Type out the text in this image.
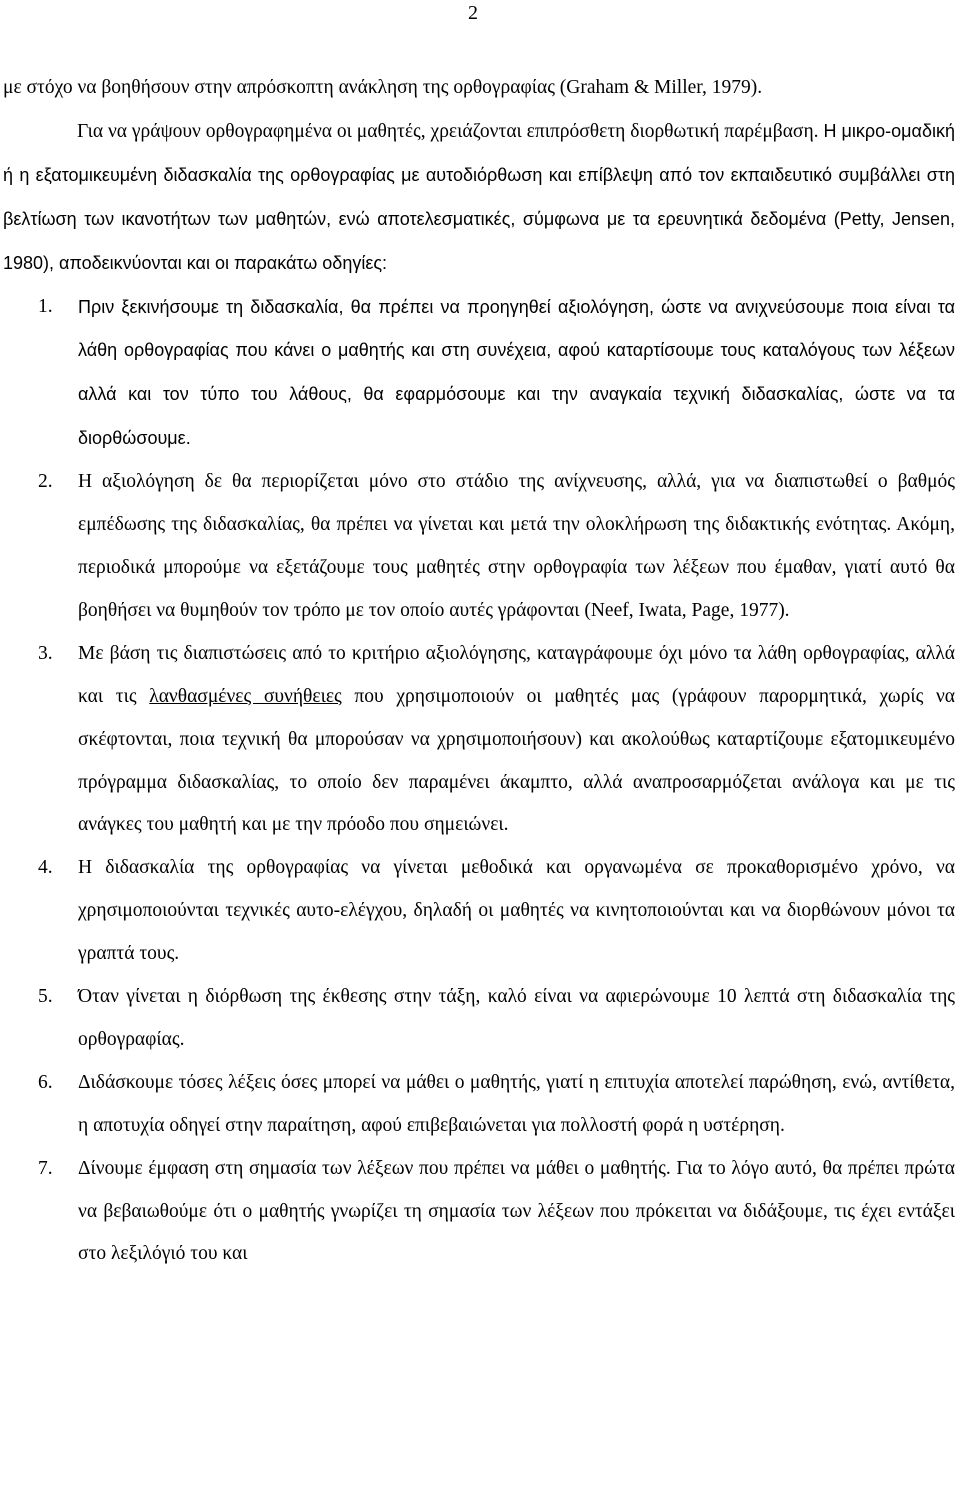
2

με στόχο να βοηθήσουν στην απρόσκοπτη ανάκληση της ορθογραφίας (Graham & Miller, 1979).

Για να γράψουν ορθογραφημένα οι μαθητές, χρειάζονται επιπρόσθετη διορθωτική παρέμβαση. Η μικρο-ομαδική ή η εξατομικευμένη διδασκαλία της ορθογραφίας με αυτοδιόρθωση και επίβλεψη από τον εκπαιδευτικό συμβάλλει στη βελτίωση των ικανοτήτων των μαθητών, ενώ αποτελεσματικές, σύμφωνα με τα ερευνητικά δεδομένα (Petty, Jensen, 1980), αποδεικνύονται και οι παρακάτω οδηγίες:

1. Πριν ξεκινήσουμε τη διδασκαλία, θα πρέπει να προηγηθεί αξιολόγηση, ώστε να ανιχνεύσουμε ποια είναι τα λάθη ορθογραφίας που κάνει ο μαθητής και στη συνέχεια, αφού καταρτίσουμε τους καταλόγους των λέξεων αλλά και τον τύπο του λάθους, θα εφαρμόσουμε και την αναγκαία τεχνική διδασκαλίας, ώστε να τα διορθώσουμε.
2. Η αξιολόγηση δε θα περιορίζεται μόνο στο στάδιο της ανίχνευσης, αλλά, για να διαπιστωθεί ο βαθμός εμπέδωσης της διδασκαλίας, θα πρέπει να γίνεται και μετά την ολοκλήρωση της διδακτικής ενότητας. Ακόμη, περιοδικά μπορούμε να εξετάζουμε τους μαθητές στην ορθογραφία των λέξεων που έμαθαν, γιατί αυτό θα βοηθήσει να θυμηθούν τον τρόπο με τον οποίο αυτές γράφονται (Neef, Iwata, Page, 1977).
3. Με βάση τις διαπιστώσεις από το κριτήριο αξιολόγησης, καταγράφουμε όχι μόνο τα λάθη ορθογραφίας, αλλά και τις λανθασμένες συνήθειες που χρησιμοποιούν οι μαθητές μας (γράφουν παρορμητικά, χωρίς να σκέφτονται, ποια τεχνική θα μπορούσαν να χρησιμοποιήσουν) και ακολούθως καταρτίζουμε εξατομικευμένο πρόγραμμα διδασκαλίας, το οποίο δεν παραμένει άκαμπτο, αλλά αναπροσαρμόζεται ανάλογα και με τις ανάγκες του μαθητή και με την πρόοδο που σημειώνει.
4. Η διδασκαλία της ορθογραφίας να γίνεται μεθοδικά και οργανωμένα σε προκαθορισμένο χρόνο, να χρησιμοποιούνται τεχνικές αυτο-ελέγχου, δηλαδή οι μαθητές να κινητοποιούνται και να διορθώνουν μόνοι τα γραπτά τους.
5. Όταν γίνεται η διόρθωση της έκθεσης στην τάξη, καλό είναι να αφιερώνουμε 10 λεπτά στη διδασκαλία της ορθογραφίας.
6. Διδάσκουμε τόσες λέξεις όσες μπορεί να μάθει ο μαθητής, γιατί η επιτυχία αποτελεί παρώθηση, ενώ, αντίθετα, η αποτυχία οδηγεί στην παραίτηση, αφού επιβεβαιώνεται για πολλοστή φορά η υστέρηση.
7. Δίνουμε έμφαση στη σημασία των λέξεων που πρέπει να μάθει ο μαθητής. Για το λόγο αυτό, θα πρέπει πρώτα να βεβαιωθούμε ότι ο μαθητής γνωρίζει τη σημασία των λέξεων που πρόκειται να διδάξουμε, τις έχει εντάξει στο λεξιλόγιό του και
